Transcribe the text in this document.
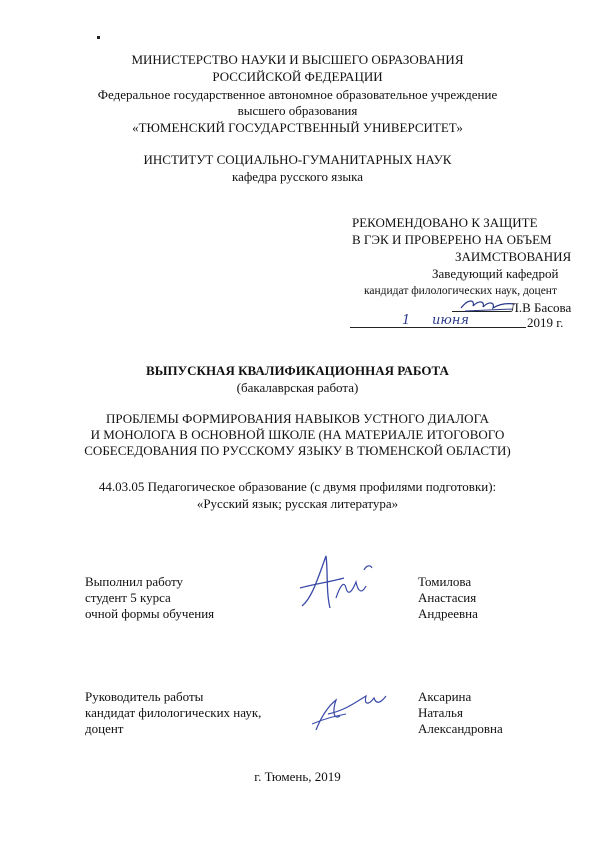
МИНИСТЕРСТВО НАУКИ И ВЫСШЕГО ОБРАЗОВАНИЯ
РОССИЙСКОЙ ФЕДЕРАЦИИ
Федеральное государственное автономное образовательное учреждение
высшего образования
«ТЮМЕНСКИЙ ГОСУДАРСТВЕННЫЙ УНИВЕРСИТЕТ»
ИНСТИТУТ СОЦИАЛЬНО-ГУМАНИТАРНЫХ НАУК
кафедра русского языка
РЕКОМЕНДОВАНО К ЗАЩИТЕ
В ГЭК И ПРОВЕРЕНО НА ОБЪЕМ
ЗАИМСТВОВАНИЯ
Заведующий кафедрой
кандидат филологических наук, доцент
Л.В Басова
1 июня	2019 г.
ВЫПУСКНАЯ КВАЛИФИКАЦИОННАЯ РАБОТА
(бакалаврская работа)
ПРОБЛЕМЫ ФОРМИРОВАНИЯ НАВЫКОВ УСТНОГО ДИАЛОГА
И МОНОЛОГА В ОСНОВНОЙ ШКОЛЕ (НА МАТЕРИАЛЕ ИТОГОВОГО
СОБЕСЕДОВАНИЯ ПО РУССКОМУ ЯЗЫКУ В ТЮМЕНСКОЙ ОБЛАСТИ)
44.03.05 Педагогическое образование (с двумя профилями подготовки):
«Русский язык; русская литература»
Выполнил работу
студент 5 курса
очной формы обучения
Томилова
Анастасия
Андреевна
Руководитель работы
кандидат филологических наук,
доцент
Аксарина
Наталья
Александровна
г. Тюмень, 2019
